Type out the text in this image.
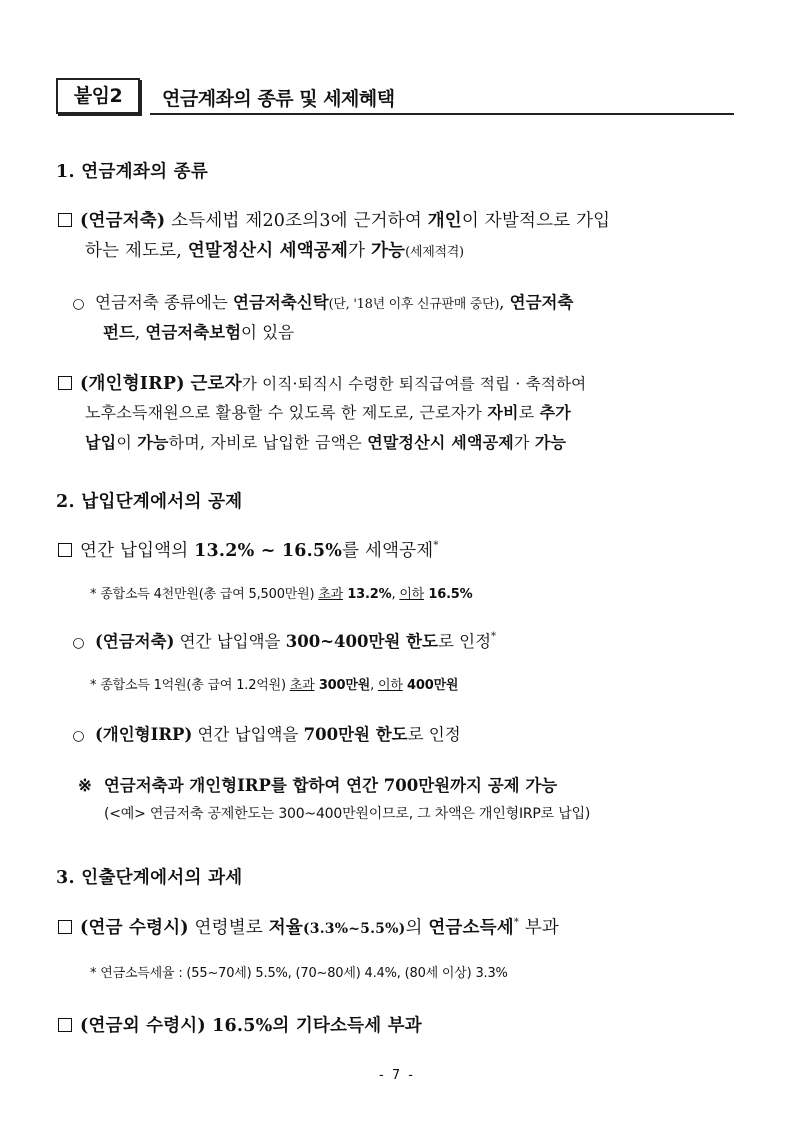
붙임2	연금계좌의 종류 및 세제혜택
1. 연금계좌의 종류
(연금저축) 소득세법 제20조의3에 근거하여 개인이 자발적으로 가입
하는 제도로, 연말정산시 세액공제가 가능(세제적격)
○ 연금저축 종류에는 연금저축신탁(단, '18년 이후 신규판매 중단), 연금저축
펀드, 연금저축보험이 있음
(개인형IRP) 근로자가 이직·퇴직시 수령한 퇴직급여를 적립 · 축적하여
노후소득재원으로 활용할 수 있도록 한 제도로, 근로자가 자비로 추가
납입이 가능하며, 자비로 납입한 금액은 연말정산시 세액공제가 가능
2. 납입단계에서의 공제
연간 납입액의 13.2% ~ 16.5%를 세액공제*
* 종합소득 4천만원(총 급여 5,500만원) 초과 13.2%, 이하 16.5%
○ (연금저축) 연간 납입액을 300~400만원 한도로 인정*
* 종합소득 1억원(총 급여 1.2억원) 초과 300만원, 이하 400만원
○ (개인형IRP) 연간 납입액을 700만원 한도로 인정
※ 연금저축과 개인형IRP를 합하여 연간 700만원까지 공제 가능
(<예> 연금저축 공제한도는 300~400만원이므로, 그 차액은 개인형IRP로 납입)
3. 인출단계에서의 과세
(연금 수령시) 연령별로 저율(3.3%~5.5%)의 연금소득세* 부과
* 연금소득세율 : (55~70세) 5.5%, (70~80세) 4.4%, (80세 이상) 3.3%
(연금외 수령시) 16.5%의 기타소득세 부과
- 7 -
